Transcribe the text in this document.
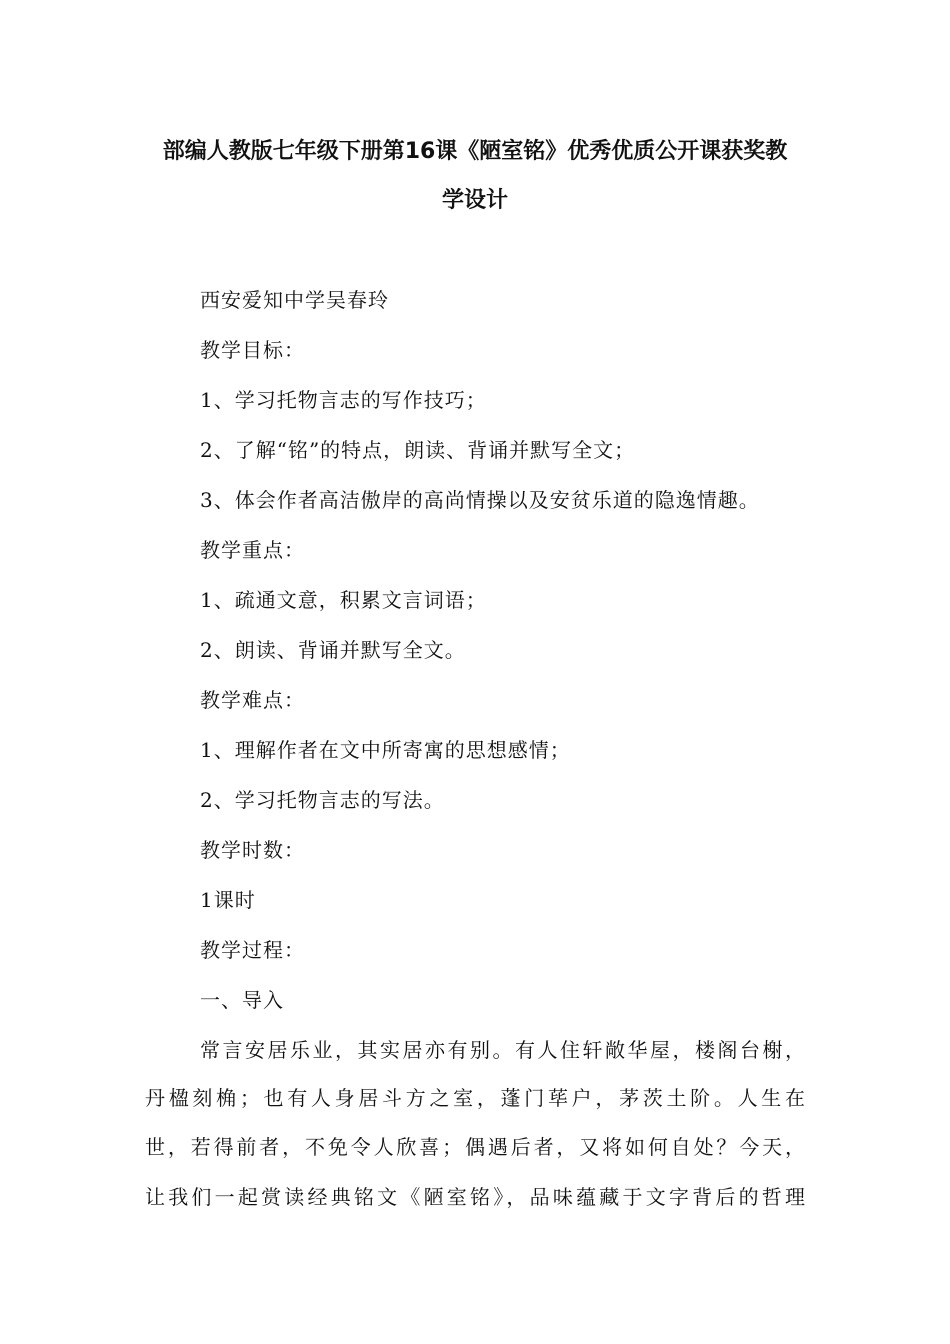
部编人教版七年级下册第16课《陋室铭》优秀优质公开课获奖教
学设计

西安爱知中学吴春玲

教学目标：

1、学习托物言志的写作技巧；

2、了解“铭”的特点，朗读、背诵并默写全文；

3、体会作者高洁傲岸的高尚情操以及安贫乐道的隐逸情趣。

教学重点：

1、疏通文意，积累文言词语；

2、朗读、背诵并默写全文。

教学难点：

1、理解作者在文中所寄寓的思想感情；

2、学习托物言志的写法。

教学时数：

1课时

教学过程：

一、导入

常言安居乐业，其实居亦有别。有人住轩敞华屋，楼阁台榭，

丹楹刻桷；也有人身居斗方之室，蓬门荜户，茅茨土阶。人生在

世，若得前者，不免令人欣喜；偶遇后者，又将如何自处？今天，

让我们一起赏读经典铭文《陋室铭》，品味蕴藏于文字背后的哲理
